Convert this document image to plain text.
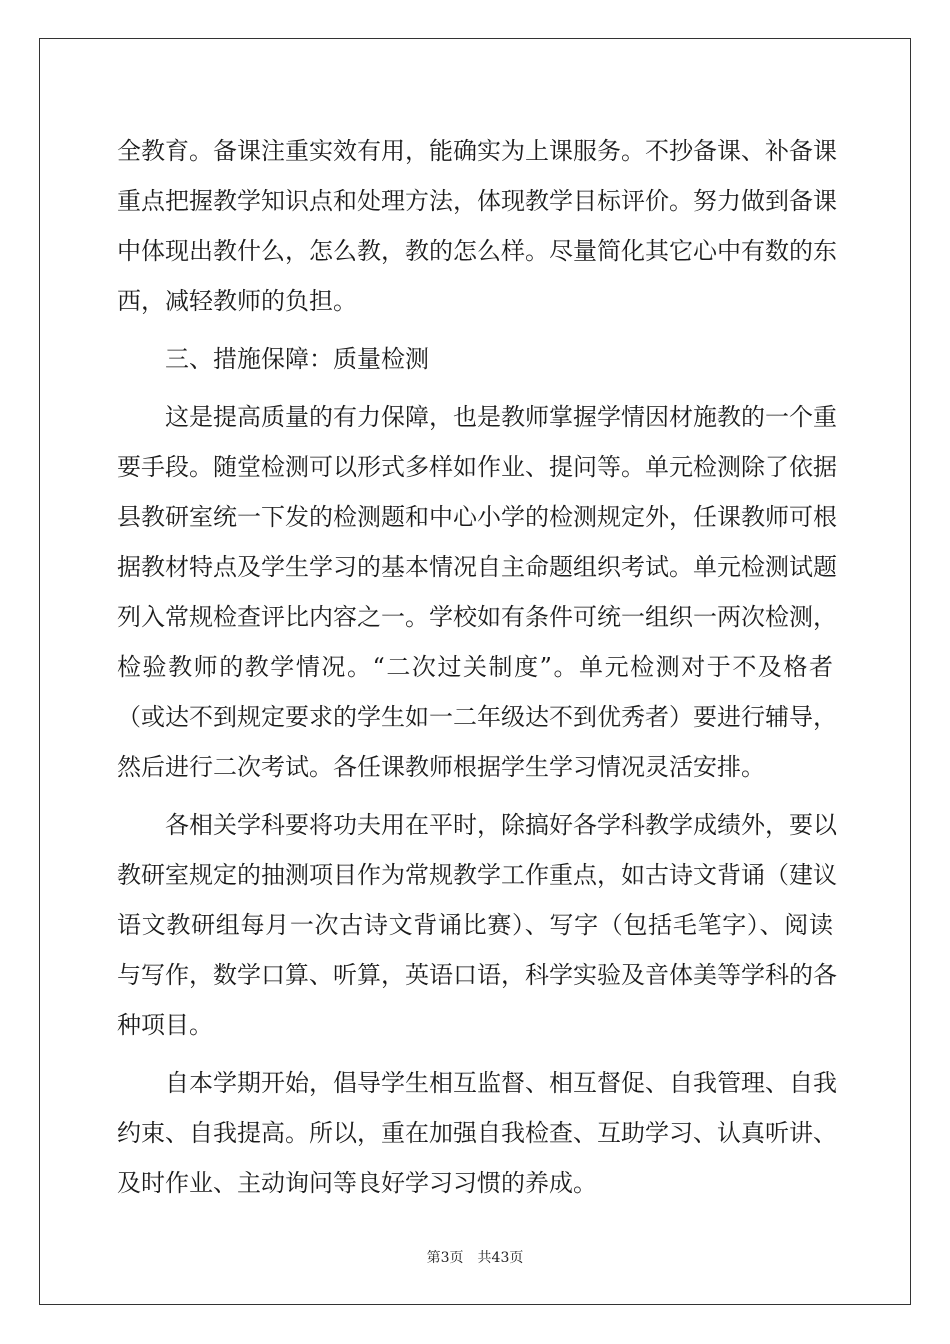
全教育。备课注重实效有用，能确实为上课服务。不抄备课、补备课
重点把握教学知识点和处理方法，体现教学目标评价。努力做到备课
中体现出教什么，怎么教，教的怎么样。尽量简化其它心中有数的东
西，减轻教师的负担。
三、措施保障：质量检测
这是提高质量的有力保障，也是教师掌握学情因材施教的一个重
要手段。随堂检测可以形式多样如作业、提问等。单元检测除了依据
县教研室统一下发的检测题和中心小学的检测规定外，任课教师可根
据教材特点及学生学习的基本情况自主命题组织考试。单元检测试题
列入常规检查评比内容之一。学校如有条件可统一组织一两次检测，
检验教师的教学情况。“二次过关制度”。单元检测对于不及格者
（或达不到规定要求的学生如一二年级达不到优秀者）要进行辅导，
然后进行二次考试。各任课教师根据学生学习情况灵活安排。
各相关学科要将功夫用在平时，除搞好各学科教学成绩外，要以
教研室规定的抽测项目作为常规教学工作重点，如古诗文背诵（建议
语文教研组每月一次古诗文背诵比赛）、写字（包括毛笔字）、阅读
与写作，数学口算、听算，英语口语，科学实验及音体美等学科的各
种项目。
自本学期开始，倡导学生相互监督、相互督促、自我管理、自我
约束、自我提高。所以，重在加强自我检查、互助学习、认真听讲、
及时作业、主动询问等良好学习习惯的养成。
第3页 共43页
